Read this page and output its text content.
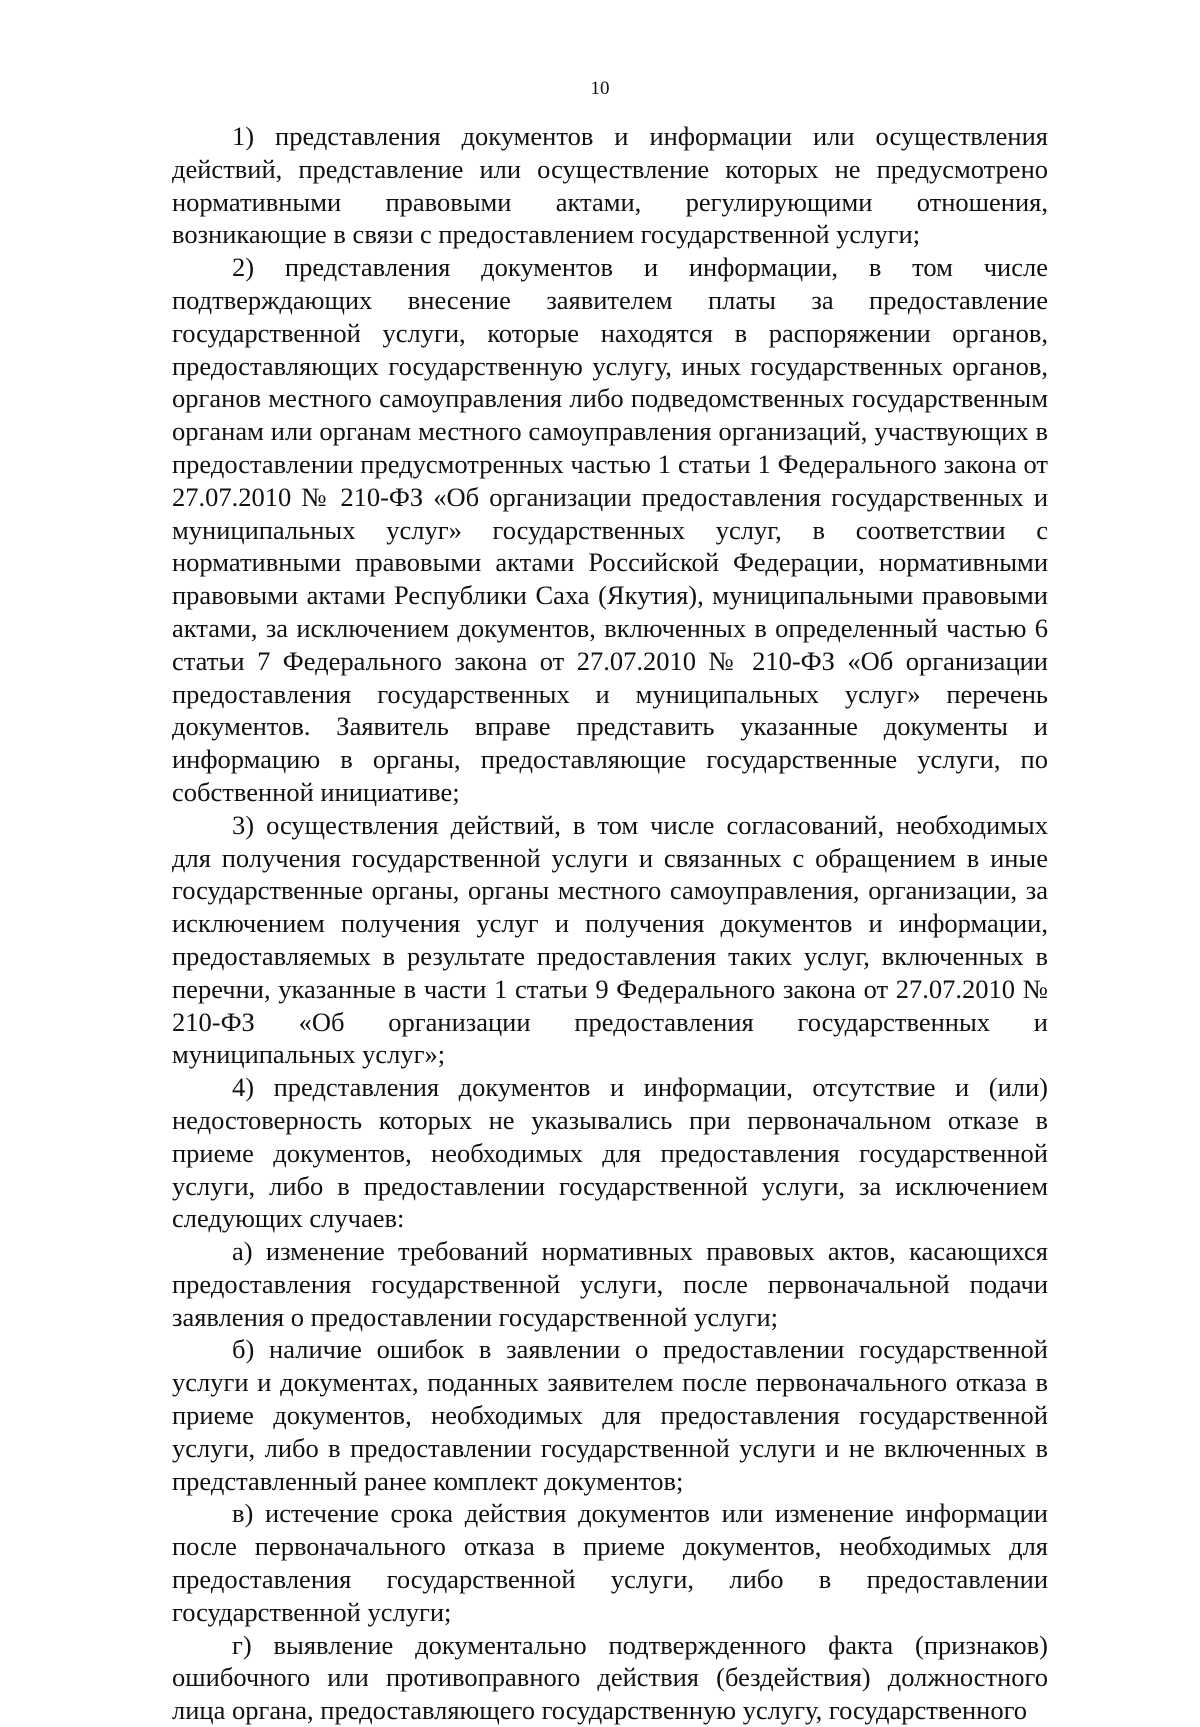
10

1) представления документов и информации или осуществления действий, представление или осуществление которых не предусмотрено нормативными правовыми актами, регулирующими отношения, возникающие в связи с предоставлением государственной услуги;

2) представления документов и информации, в том числе подтверждающих внесение заявителем платы за предоставление государственной услуги, которые находятся в распоряжении органов, предоставляющих государственную услугу, иных государственных органов, органов местного самоуправления либо подведомственных государственным органам или органам местного самоуправления организаций, участвующих в предоставлении предусмотренных частью 1 статьи 1 Федерального закона от 27.07.2010 № 210-ФЗ «Об организации предоставления государственных и муниципальных услуг» государственных услуг, в соответствии с нормативными правовыми актами Российской Федерации, нормативными правовыми актами Республики Саха (Якутия), муниципальными правовыми актами, за исключением документов, включенных в определенный частью 6 статьи 7 Федерального закона от 27.07.2010 № 210-ФЗ «Об организации предоставления государственных и муниципальных услуг» перечень документов. Заявитель вправе представить указанные документы и информацию в органы, предоставляющие государственные услуги, по собственной инициативе;

3) осуществления действий, в том числе согласований, необходимых для получения государственной услуги и связанных с обращением в иные государственные органы, органы местного самоуправления, организации, за исключением получения услуг и получения документов и информации, предоставляемых в результате предоставления таких услуг, включенных в перечни, указанные в части 1 статьи 9 Федерального закона от 27.07.2010 № 210-ФЗ «Об организации предоставления государственных и муниципальных услуг»;

4) представления документов и информации, отсутствие и (или) недостоверность которых не указывались при первоначальном отказе в приеме документов, необходимых для предоставления государственной услуги, либо в предоставлении государственной услуги, за исключением следующих случаев:

а) изменение требований нормативных правовых актов, касающихся предоставления государственной услуги, после первоначальной подачи заявления о предоставлении государственной услуги;

б) наличие ошибок в заявлении о предоставлении государственной услуги и документах, поданных заявителем после первоначального отказа в приеме документов, необходимых для предоставления государственной услуги, либо в предоставлении государственной услуги и не включенных в представленный ранее комплект документов;

в) истечение срока действия документов или изменение информации после первоначального отказа в приеме документов, необходимых для предоставления государственной услуги, либо в предоставлении государственной услуги;

г) выявление документально подтвержденного факта (признаков) ошибочного или противоправного действия (бездействия) должностного лица органа, предоставляющего государственную услугу, государственного
